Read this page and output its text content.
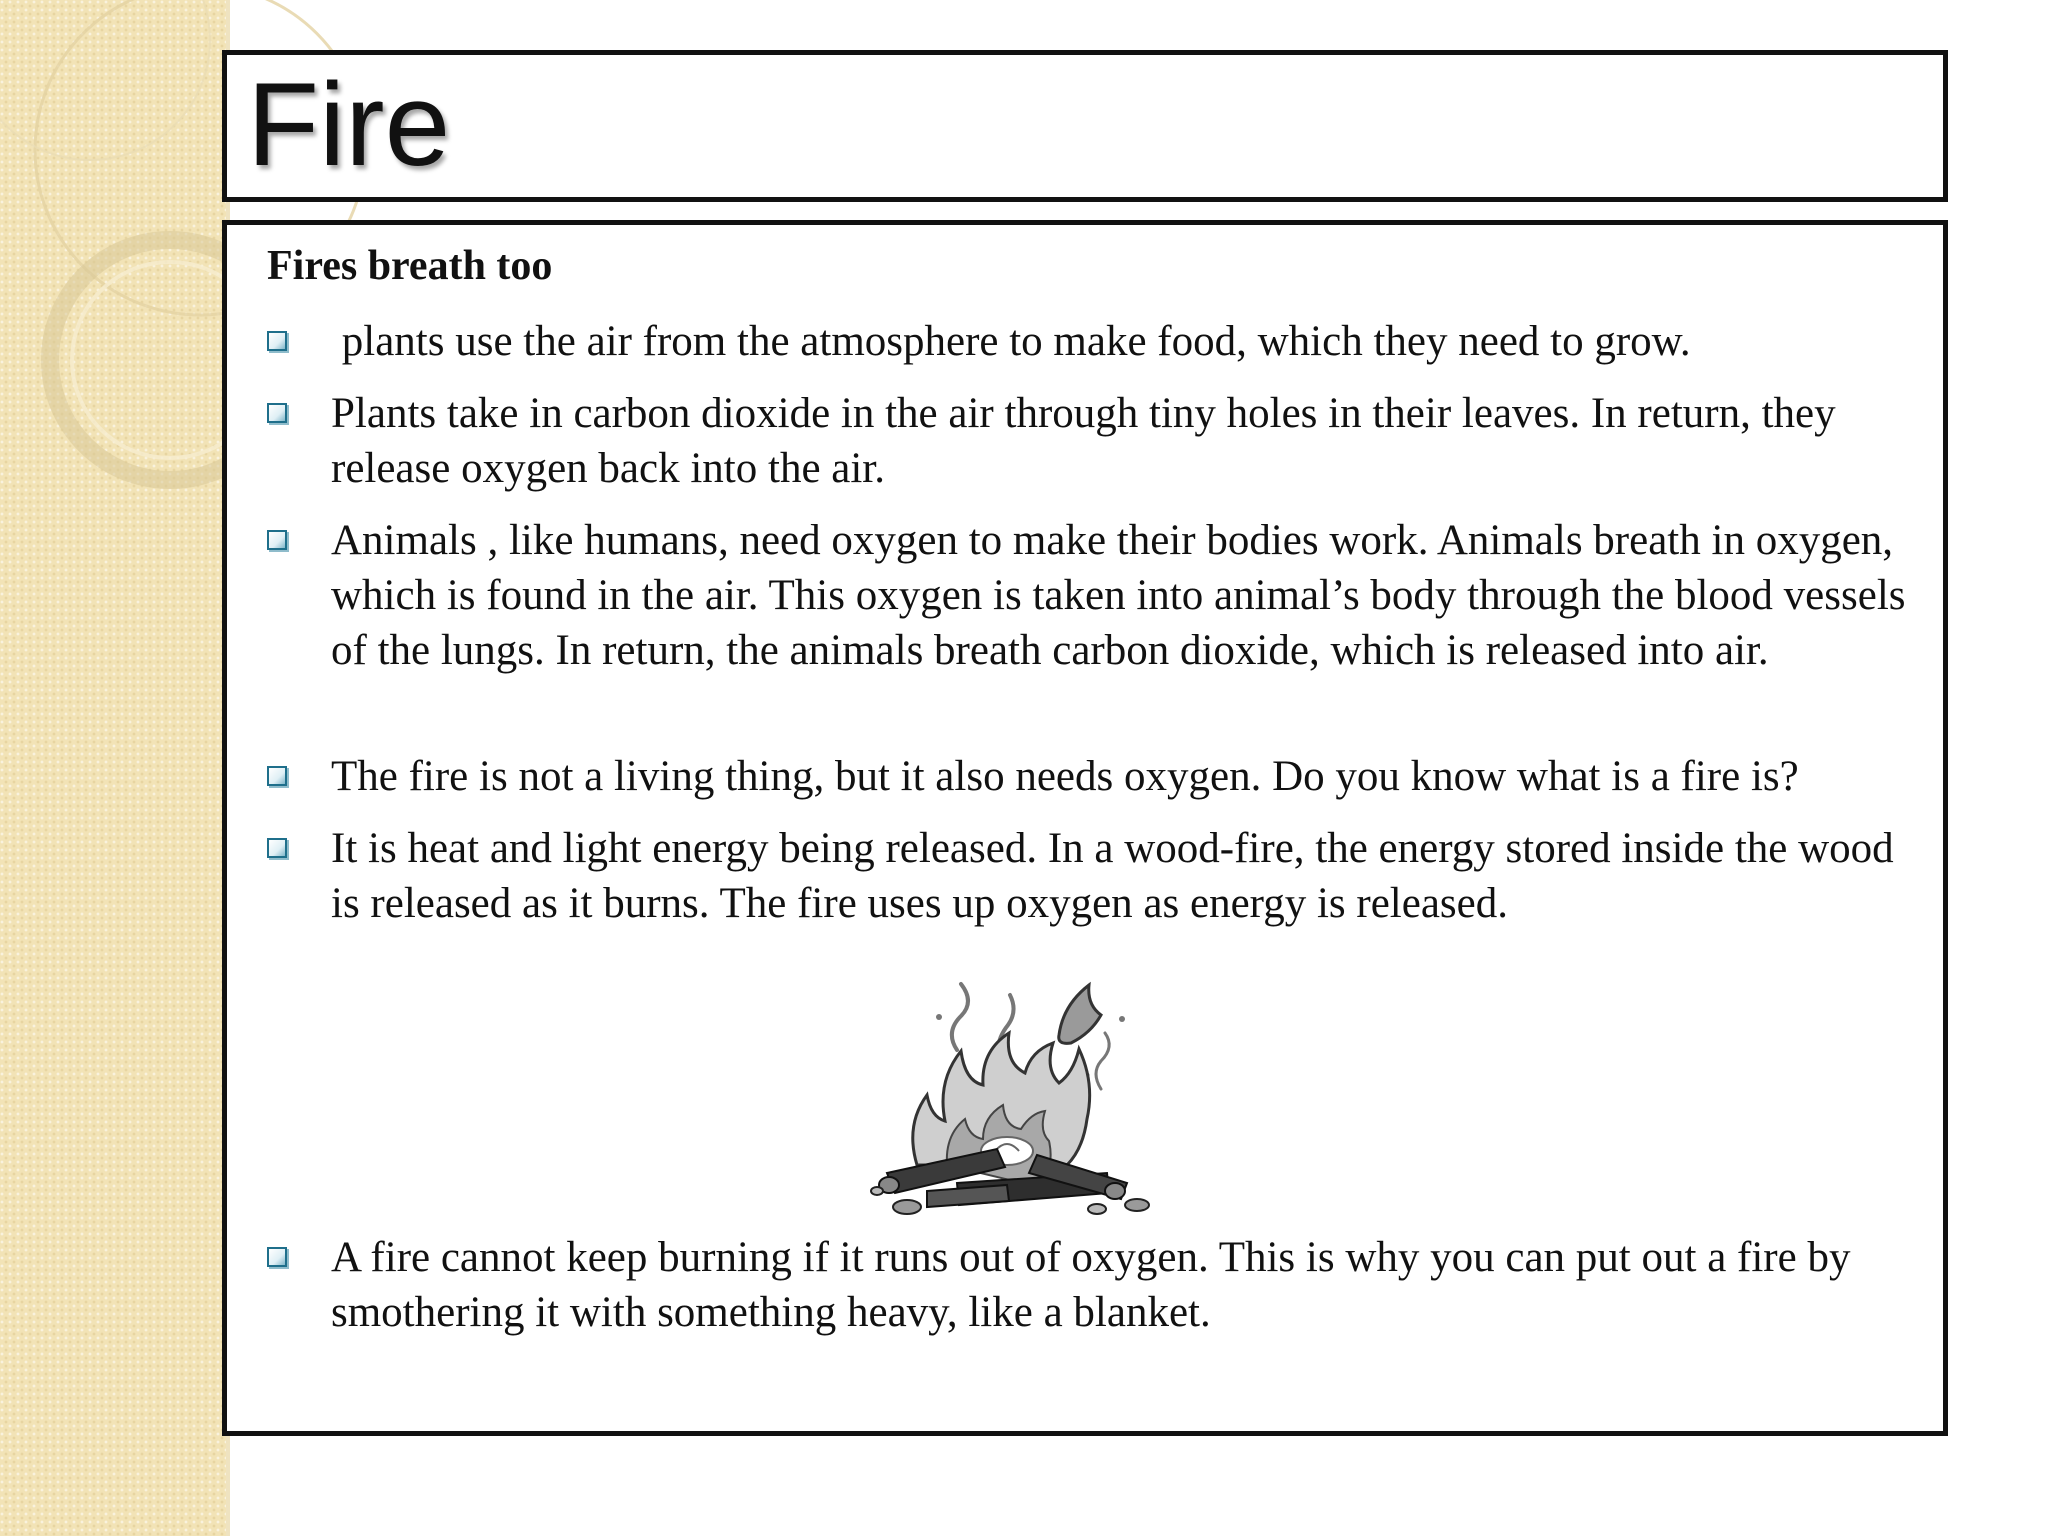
Fire
Fires breath too
plants use the air from the atmosphere to make food, which they need to grow.
Plants take in carbon dioxide in the air through tiny holes in their leaves. In return, they release oxygen back into the air.
Animals , like humans, need oxygen to make their bodies work. Animals breath in oxygen, which is found in the air. This oxygen is taken into animal’s body through the blood vessels of the lungs. In return, the animals breath carbon dioxide, which is released into air.
The fire is not a living thing, but it also needs oxygen. Do you know what is a fire is?
It is heat and light energy being released. In a wood-fire, the energy stored inside the wood is released as it burns. The fire uses up oxygen as energy is released.
A fire cannot keep burning if it runs out of oxygen. This is why you can put out a fire by smothering it with something heavy, like a blanket.
